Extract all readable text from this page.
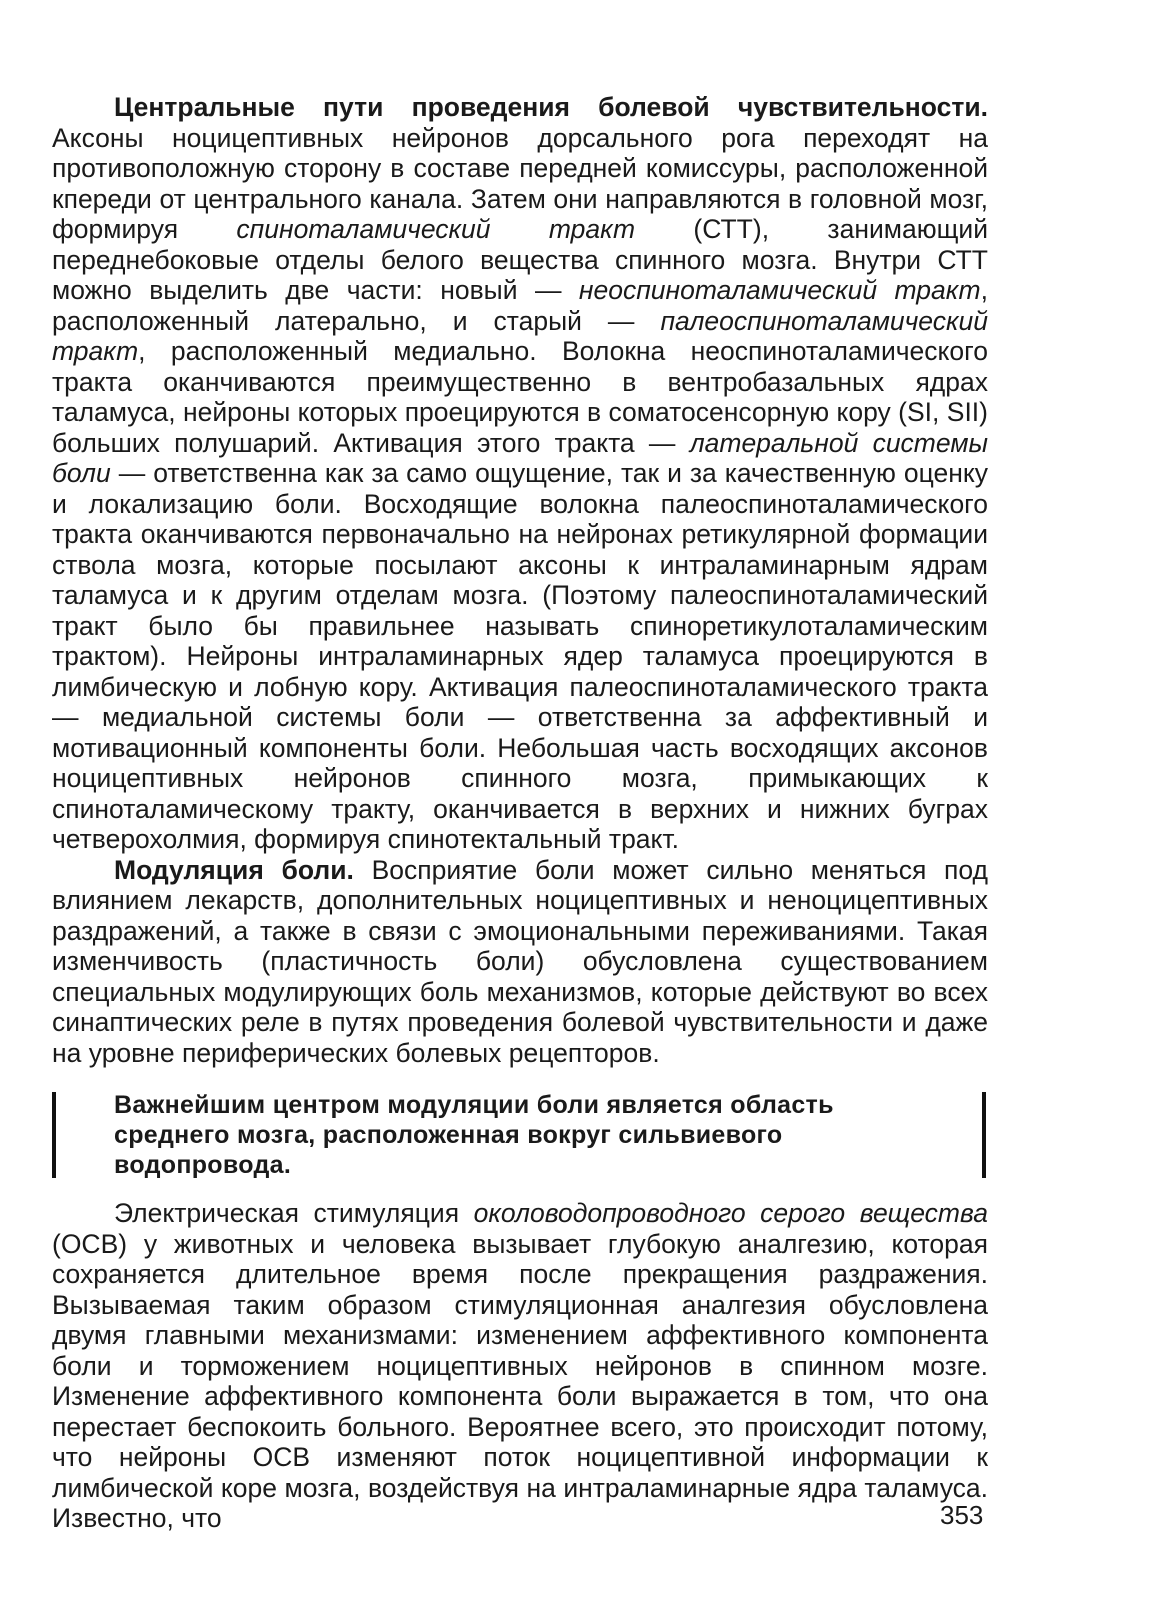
Центральные пути проведения болевой чувствительности. Аксоны ноцицептивных нейронов дорсального рога переходят на противоположную сторону в составе передней комиссуры, расположенной кпереди от центрального канала. Затем они направляются в головной мозг, формируя спиноталамический тракт (СТТ), занимающий переднебоковые отделы белого вещества спинного мозга. Внутри СТТ можно выделить две части: новый — неоспиноталамический тракт, расположенный латерально, и старый — палеоспиноталамический тракт, расположенный медиально. Волокна неоспиноталамического тракта оканчиваются преимущественно в вентробазальных ядрах таламуса, нейроны которых проецируются в соматосенсорную кору (SI, SII) больших полушарий. Активация этого тракта — латеральной системы боли — ответственна как за само ощущение, так и за качественную оценку и локализацию боли. Восходящие волокна палеоспиноталамического тракта оканчиваются первоначально на нейронах ретикулярной формации ствола мозга, которые посылают аксоны к интраламинарным ядрам таламуса и к другим отделам мозга. (Поэтому палеоспиноталамический тракт было бы правильнее называть спиноретикулоталамическим трактом). Нейроны интраламинарных ядер таламуса проецируются в лимбическую и лобную кору. Активация палеоспиноталамического тракта — медиальной системы боли — ответственна за аффективный и мотивационный компоненты боли. Небольшая часть восходящих аксонов ноцицептивных нейронов спинного мозга, примыкающих к спиноталамическому тракту, оканчивается в верхних и нижних буграх четверохолмия, формируя спинотектальный тракт.

Модуляция боли. Восприятие боли может сильно меняться под влиянием лекарств, дополнительных ноцицептивных и неноцицептивных раздражений, а также в связи с эмоциональными переживаниями. Такая изменчивость (пластичность боли) обусловлена существованием специальных модулирующих боль механизмов, которые действуют во всех синаптических реле в путях проведения болевой чувствительности и даже на уровне периферических болевых рецепторов.

Важнейшим центром модуляции боли является область среднего мозга, расположенная вокруг сильвиевого водопровода.

Электрическая стимуляция околоводопроводного серого вещества (ОСВ) у животных и человека вызывает глубокую аналгезию, которая сохраняется длительное время после прекращения раздражения. Вызываемая таким образом стимуляционная аналгезия обусловлена двумя главными механизмами: изменением аффективного компонента боли и торможением ноцицептивных нейронов в спинном мозге. Изменение аффективного компонента боли выражается в том, что она перестает беспокоить больного. Вероятнее всего, это происходит потому, что нейроны ОСВ изменяют поток ноцицептивной информации к лимбической коре мозга, воздействуя на интраламинарные ядра таламуса. Известно, что	353
